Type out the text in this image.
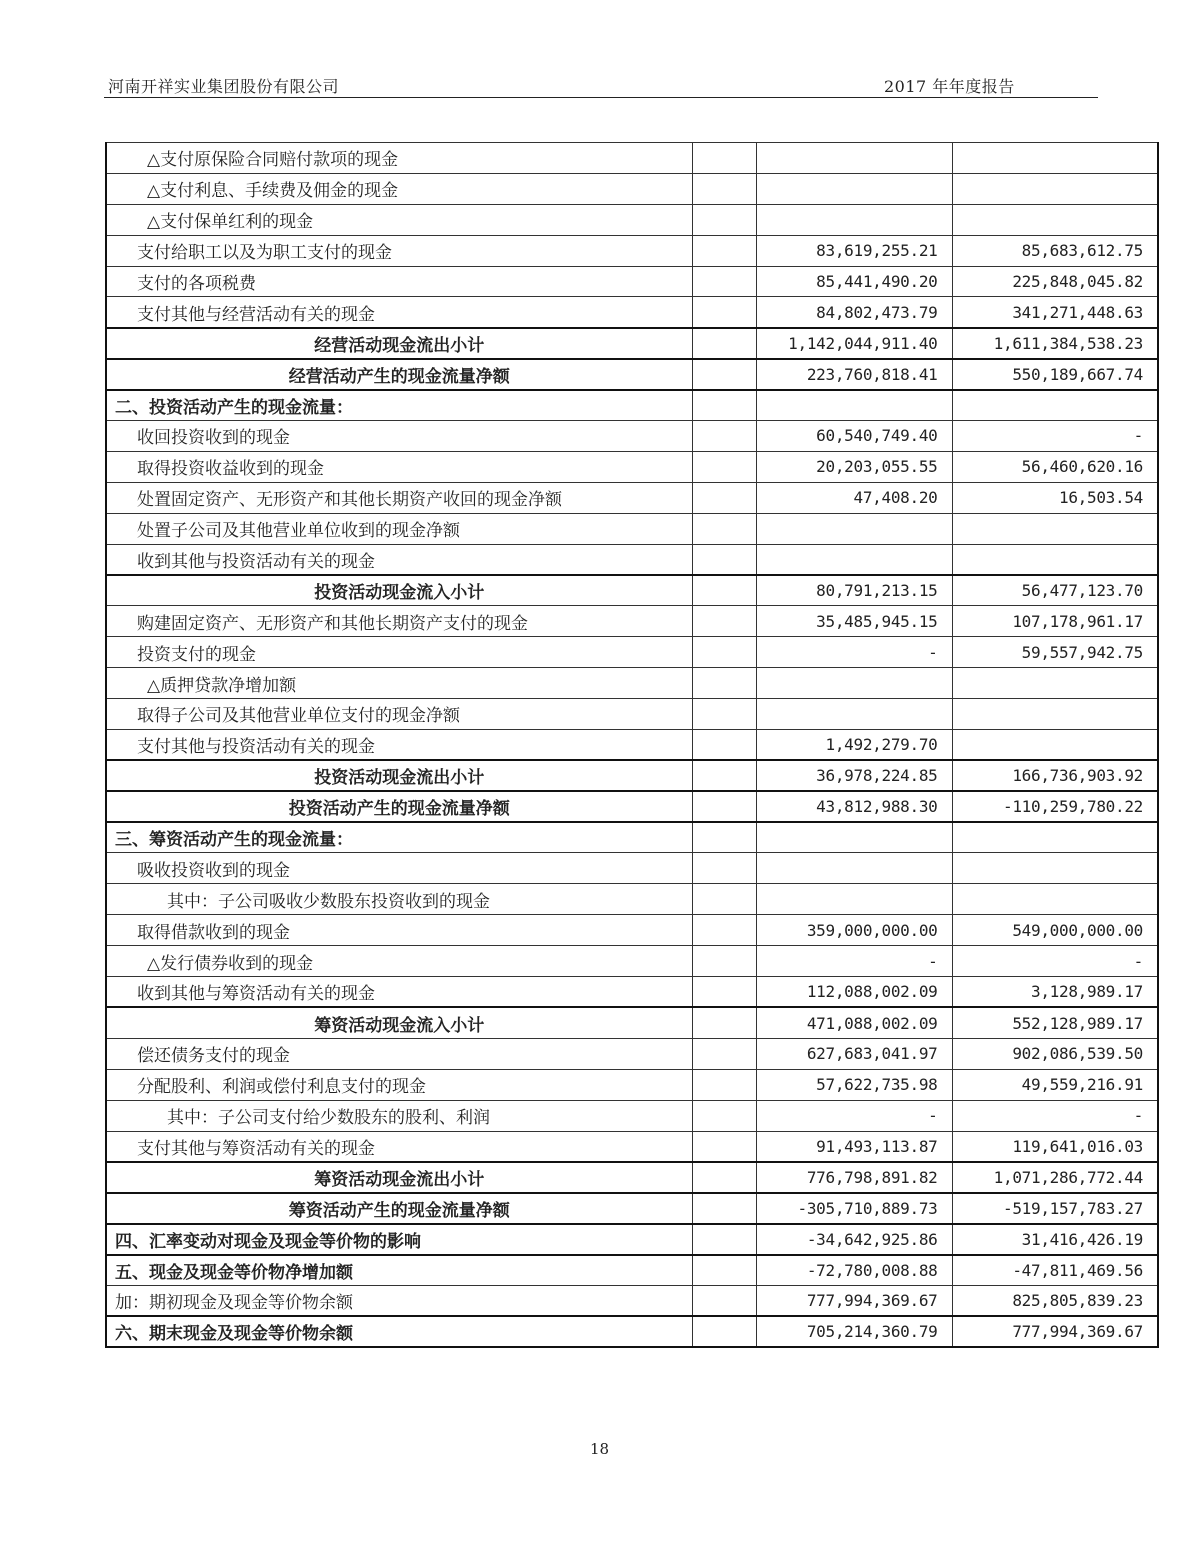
河南开祥实业集团股份有限公司	2017 年年度报告
△支付原保险合同赔付款项的现金			
△支付利息、手续费及佣金的现金			
△支付保单红利的现金			
支付给职工以及为职工支付的现金		83,619,255.21	85,683,612.75
支付的各项税费		85,441,490.20	225,848,045.82
支付其他与经营活动有关的现金		84,802,473.79	341,271,448.63
经营活动现金流出小计		1,142,044,911.40	1,611,384,538.23
经营活动产生的现金流量净额		223,760,818.41	550,189,667.74
二、投资活动产生的现金流量：			
收回投资收到的现金		60,540,749.40	-
取得投资收益收到的现金		20,203,055.55	56,460,620.16
处置固定资产、无形资产和其他长期资产收回的现金净额		47,408.20	16,503.54
处置子公司及其他营业单位收到的现金净额			
收到其他与投资活动有关的现金			
投资活动现金流入小计		80,791,213.15	56,477,123.70
购建固定资产、无形资产和其他长期资产支付的现金		35,485,945.15	107,178,961.17
投资支付的现金		-	59,557,942.75
△质押贷款净增加额			
取得子公司及其他营业单位支付的现金净额			
支付其他与投资活动有关的现金		1,492,279.70	
投资活动现金流出小计		36,978,224.85	166,736,903.92
投资活动产生的现金流量净额		43,812,988.30	-110,259,780.22
三、筹资活动产生的现金流量：			
吸收投资收到的现金			
其中：子公司吸收少数股东投资收到的现金			
取得借款收到的现金		359,000,000.00	549,000,000.00
△发行债券收到的现金		-	-
收到其他与筹资活动有关的现金		112,088,002.09	3,128,989.17
筹资活动现金流入小计		471,088,002.09	552,128,989.17
偿还债务支付的现金		627,683,041.97	902,086,539.50
分配股利、利润或偿付利息支付的现金		57,622,735.98	49,559,216.91
其中：子公司支付给少数股东的股利、利润		-	-
支付其他与筹资活动有关的现金		91,493,113.87	119,641,016.03
筹资活动现金流出小计		776,798,891.82	1,071,286,772.44
筹资活动产生的现金流量净额		-305,710,889.73	-519,157,783.27
四、汇率变动对现金及现金等价物的影响		-34,642,925.86	31,416,426.19
五、现金及现金等价物净增加额		-72,780,008.88	-47,811,469.56
加：期初现金及现金等价物余额		777,994,369.67	825,805,839.23
六、期末现金及现金等价物余额		705,214,360.79	777,994,369.67
18
